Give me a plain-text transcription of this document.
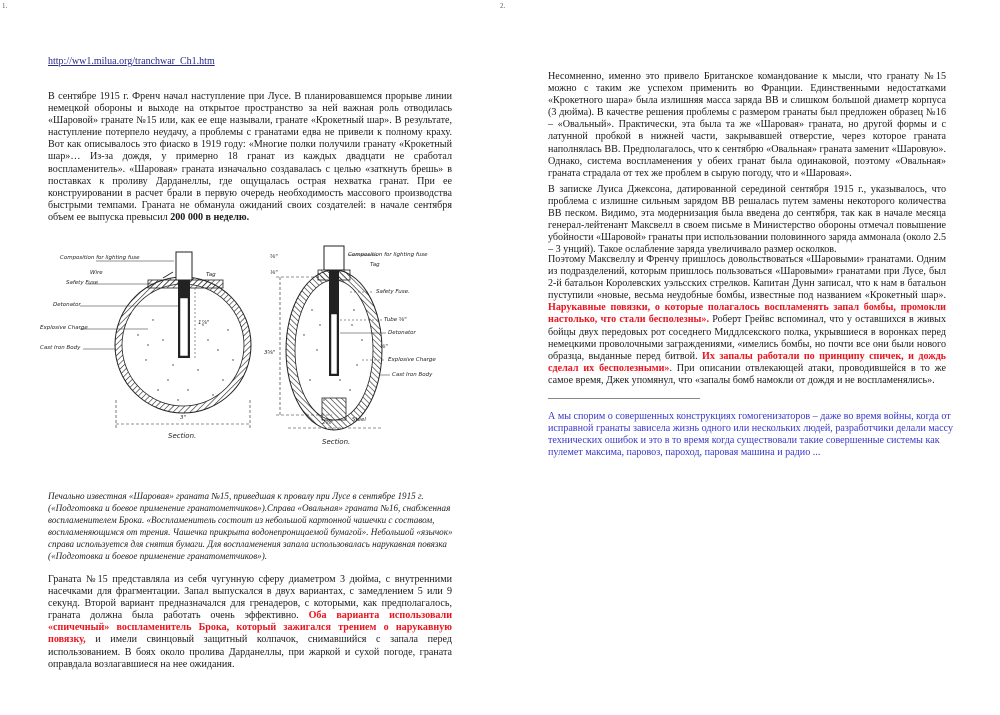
1.
http://ww1.milua.org/tranchwar_Ch1.htm

В сентябре 1915 г. Френч начал наступление при Лусе. В планировавшемся прорыве линии немецкой обороны и выходе на открытое пространство за ней важная роль отводилась «Шаровой» гранате №15 или, как ее еще называли, гранате «Крокетный шар». В результате, наступление потерпело неудачу, а проблемы с гранатами едва не привели к полному краху. Вот как описывалось это фиаско в 1919 году: «Многие полки получили гранату «Крокетный шар»… Из-за дождя, у примерно 18 гранат из каждых двадцати не сработал воспламенитель». «Шаровая» граната изначально создавалась с целью «заткнуть брешь» в поставках к проливу Дарданеллы, где ощущалась острая нехватка гранат. При ее конструировании в расчет брали в первую очередь необходимость массового производства быстрыми темпами. Граната не обманула ожиданий своих создателей: в начале сентября объем ее выпуска превысил 200 000 в неделю.

Composition for lighting fuse
Wire	Tag
Safety Fuse
Detonator
Explosive Charge
Cast Iron Body
1⅞"
3"
Section.
Composition for lighting fuse
Tag
⅝"
⅛"
Safety Fuse.
Tube ⅝"
Detonator
⅜"
Explosive Charge
Cast Iron Body
Steel
3⅝"
2⅜"
Section.

Печально известная «Шаровая» граната №15, приведшая к провалу при Лусе в сентябре 1915 г. («Подготовка и боевое применение гранатометчиков»).Справа «Овальная» граната №16, снабженная воспламенителем Брока. «Воспламенитель состоит из небольшой картонной чашечки с составом, воспламеняющимся от трения. Чашечка прикрыта водонепроницаемой бумагой». Небольшой «язычок» справа используется для снятия бумаги. Для воспламенения запала использовалась нарукавная повязка («Подготовка и боевое применение гранатометчиков»).

Граната №15 представляла из себя чугунную сферу диаметром 3 дюйма, с внутренними насечками для фрагментации. Запал выпускался в двух вариантах, с замедлением 5 или 9 секунд. Второй вариант предназначался для гренадеров, с которыми, как предполагалось, граната должна была работать очень эффективно. Оба варианта использовали «спичечный» воспламенитель Брока, который зажигался трением о нарукавную повязку, и имели свинцовый защитный колпачок, снимавшийся с запала перед использованием. В боях около пролива Дарданеллы, при жаркой и сухой погоде, граната оправдала возлагавшиеся на нее ожидания.

2.

Несомненно, именно это привело Британское командование к мысли, что гранату №15 можно с таким же успехом применить во Франции. Единственными недостатками «Крокетного шара» была излишняя масса заряда ВВ и слишком большой диаметр корпуса (3 дюйма). В качестве решения проблемы с размером гранаты был предложен образец №16 – «Овальный». Практически, эта была та же «Шаровая» граната, но другой формы и с латунной пробкой в нижней части, закрывавшей отверстие, через которое граната наполнялась ВВ. Предполагалось, что к сентябрю «Овальная» граната заменит «Шаровую». Однако, система воспламенения у обеих гранат была одинаковой, поэтому «Овальная» граната страдала от тех же проблем в сырую погоду, что и «Шаровая».

В записке Луиса Джексона, датированной серединой сентября 1915 г., указывалось, что проблема с излишне сильным зарядом ВВ решалась путем замены некоторого количества ВВ песком. Видимо, эта модернизация была введена до сентября, так как в начале месяца генерал-лейтенант Максвелл в своем письме в Министерство обороны отмечал повышение убойности «Шаровой» гранаты при использовании половинного заряда аммонала (около 2.5 – 3 унций). Такое ослабление заряда увеличивало размер осколков.

Поэтому Максвеллу и Френчу пришлось довольствоваться «Шаровыми» гранатами. Одним из подразделений, которым пришлось пользоваться «Шаровыми» гранатами при Лусе, был 2-й батальон Королевских уэльсских стрелков. Капитан Дунн записал, что к нам в батальон пуступили «новые, весьма неудобные бомбы, известные под названием «Крокетный шар». Нарукавные повязки, о которые полагалось воспламенять запал бомбы, промокли настолько, что стали бесполезны». Роберт Грейвс вспоминал, что у оставшихся в живых бойцы двух передовых рот соседнего Миддлсекского полка, укрывшиеся в воронках перед немецкими проволочными заграждениями, «имелись бомбы, но почти все они были нового образца, выданные перед битвой. Их запалы работали по принципу спичек, и дождь сделал их бесполезными». При описании отвлекающей атаки, проводившейся в то же самое время, Джек упомянул, что «запалы бомб намокли от дождя и не воспламенялись».

А мы спорим о совершенных конструкциях гомогенизаторов – даже во время войны, когда от исправной гранаты зависела жизнь одного или нескольких людей, разработчики делали массу технических ошибок и это в то время когда существовали такие совершенные системы как пулемет максима, паровоз, пароход, паровая машина и радио ...
